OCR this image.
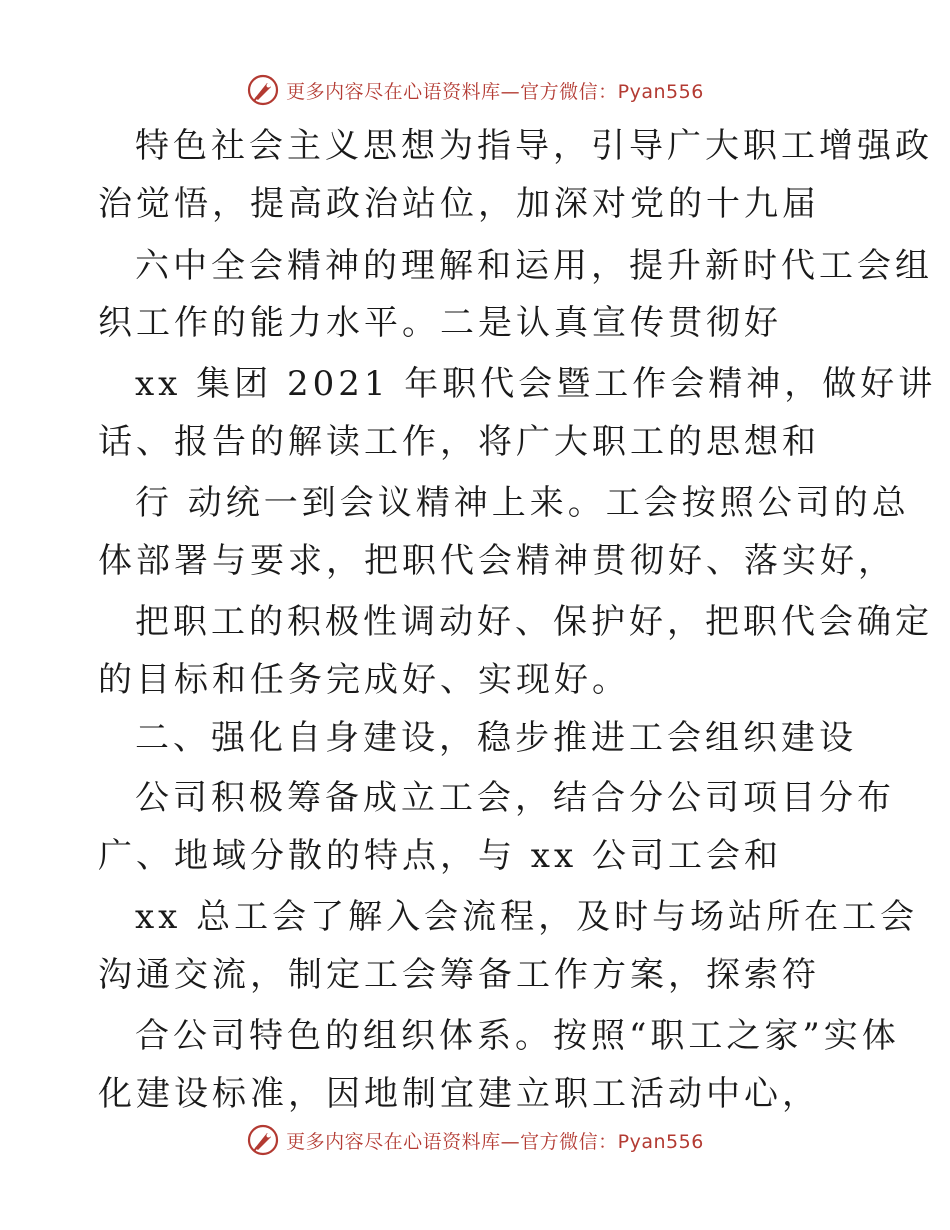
更多内容尽在心语资料库—官方微信：Pyan556
特色社会主义思想为指导，引导广大职工增强政
治觉悟，提高政治站位，加深对党的十九届
六中全会精神的理解和运用，提升新时代工会组
织工作的能力水平。二是认真宣传贯彻好
xx 集团 2021 年职代会暨工作会精神，做好讲
话、报告的解读工作，将广大职工的思想和
行 动统一到会议精神上来。工会按照公司的总
体部署与要求，把职代会精神贯彻好、落实好，
把职工的积极性调动好、保护好，把职代会确定
的目标和任务完成好、实现好。
二、强化自身建设，稳步推进工会组织建设
公司积极筹备成立工会，结合分公司项目分布
广、地域分散的特点，与 xx 公司工会和
xx 总工会了解入会流程，及时与场站所在工会
沟通交流，制定工会筹备工作方案，探索符
合公司特色的组织体系。按照“职工之家”实体
化建设标准，因地制宜建立职工活动中心，
更多内容尽在心语资料库—官方微信：Pyan556
